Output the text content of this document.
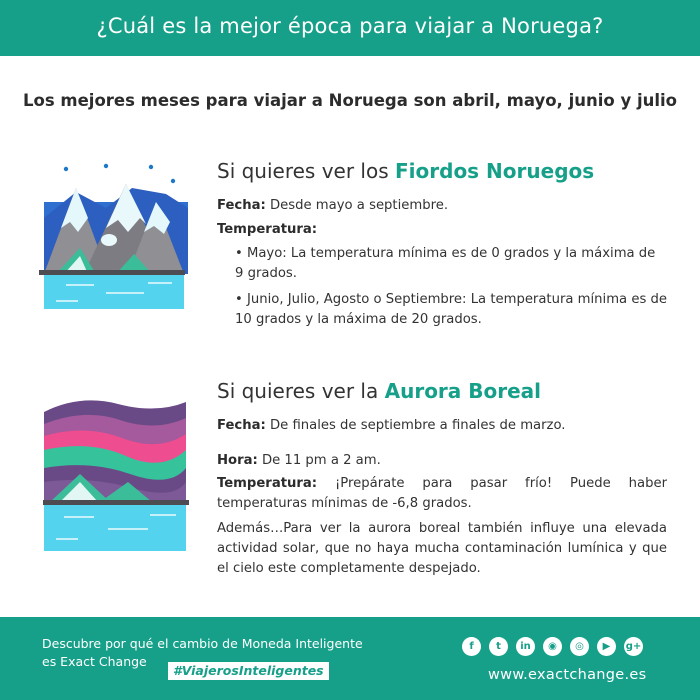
¿Cuál es la mejor época para viajar a Noruega?
Los mejores meses para viajar a Noruega son abril, mayo, junio y julio
Si quieres ver los Fiordos Noruegos
Fecha: Desde mayo a septiembre.
Temperatura:
• Mayo: La temperatura mínima es de 0 grados y la máxima de 9 grados.
• Junio, Julio, Agosto o Septiembre: La temperatura mínima es de 10 grados y la máxima de 20 grados.
Si quieres ver la Aurora Boreal
Fecha: De finales de septiembre a finales de marzo.
Hora: De 11 pm a 2 am.
Temperatura: ¡Prepárate para pasar frío! Puede haber temperaturas mínimas de -6,8 grados.
Además…Para ver la aurora boreal también influye una elevada actividad solar, que no haya mucha contaminación lumínica y que el cielo este completamente despejado.
Descubre por qué el cambio de Moneda Inteligente
es Exact Change
#ViajerosInteligentes
f	t	in	◉	◎	▶	g+
www.exactchange.es
